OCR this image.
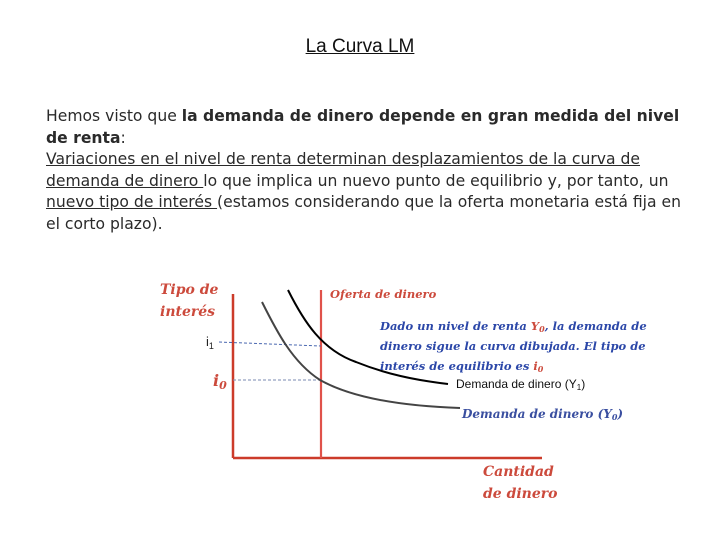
La Curva LM

Hemos visto que la demanda de dinero depende en gran medida del nivel de renta:

Variaciones en el nivel de renta determinan desplazamientos de la curva de demanda de dinero lo que implica un nuevo punto de equilibrio y, por tanto, un nuevo tipo de interés (estamos considerando que la oferta monetaria está fija en el corto plazo).

Tipo de
interés
Oferta de dinero
$i_1$
i0
Dado un nivel de renta Y0, la demanda de
dinero sigue la curva dibujada. El tipo de
interés de equilibrio es i0
Demanda de dinero (Y1)
Demanda de dinero (Y0)
Cantidad
de dinero
